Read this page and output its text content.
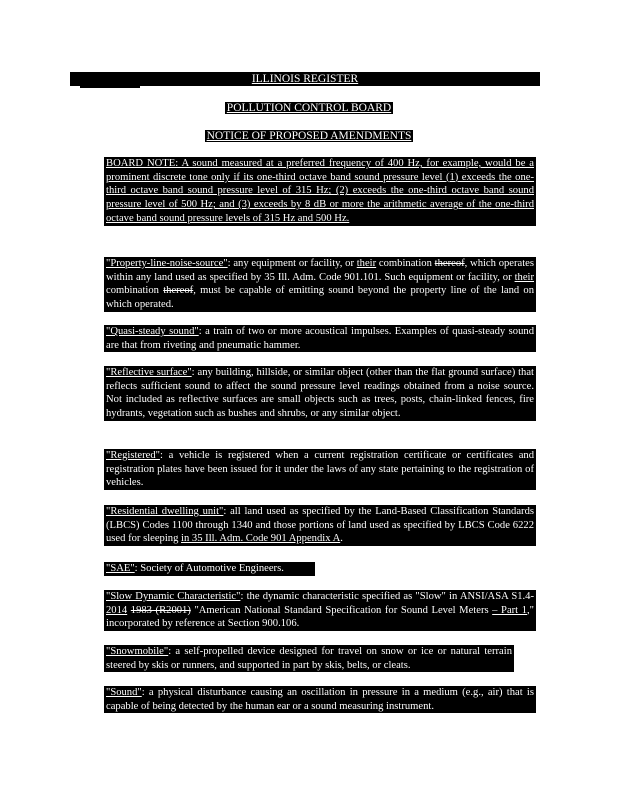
ILLINOIS REGISTER
POLLUTION CONTROL BOARD
NOTICE OF PROPOSED AMENDMENTS
BOARD NOTE: A sound measured at a preferred frequency of 400 Hz, for example, would be a prominent discrete tone only if its one-third octave band sound pressure level (1) exceeds the one-third octave band sound pressure level of 315 Hz; (2) exceeds the one-third octave band sound pressure level of 500 Hz; and (3) exceeds by 8 dB or more the arithmetic average of the one-third octave band sound pressure levels of 315 Hz and 500 Hz.
"Property-line-noise-source": any equipment or facility, or their combination thereof, which operates within any land used as specified by 35 Ill. Adm. Code 901.101. Such equipment or facility, or their combination thereof, must be capable of emitting sound beyond the property line of the land on which operated.
"Quasi-steady sound": a train of two or more acoustical impulses. Examples of quasi-steady sound are that from riveting and pneumatic hammer.
"Reflective surface": any building, hillside, or similar object (other than the flat ground surface) that reflects sufficient sound to affect the sound pressure level readings obtained from a noise source. Not included as reflective surfaces are small objects such as trees, posts, chain-linked fences, fire hydrants, vegetation such as bushes and shrubs, or any similar object.
"Registered": a vehicle is registered when a current registration certificate or certificates and registration plates have been issued for it under the laws of any state pertaining to the registration of vehicles.
"Residential dwelling unit": all land used as specified by the Land-Based Classification Standards (LBCS) Codes 1100 through 1340 and those portions of land used as specified by LBCS Code 6222 used for sleeping in 35 Ill. Adm. Code 901 Appendix A.
"SAE": Society of Automotive Engineers.
"Slow Dynamic Characteristic": the dynamic characteristic specified as "Slow" in ANSI/ASA S1.4-2014 1983 (R2001) "American National Standard Specification for Sound Level Meters – Part 1," incorporated by reference at Section 900.106.
"Snowmobile": a self-propelled device designed for travel on snow or ice or natural terrain steered by skis or runners, and supported in part by skis, belts, or cleats.
"Sound": a physical disturbance causing an oscillation in pressure in a medium (e.g., air) that is capable of being detected by the human ear or a sound measuring instrument.
